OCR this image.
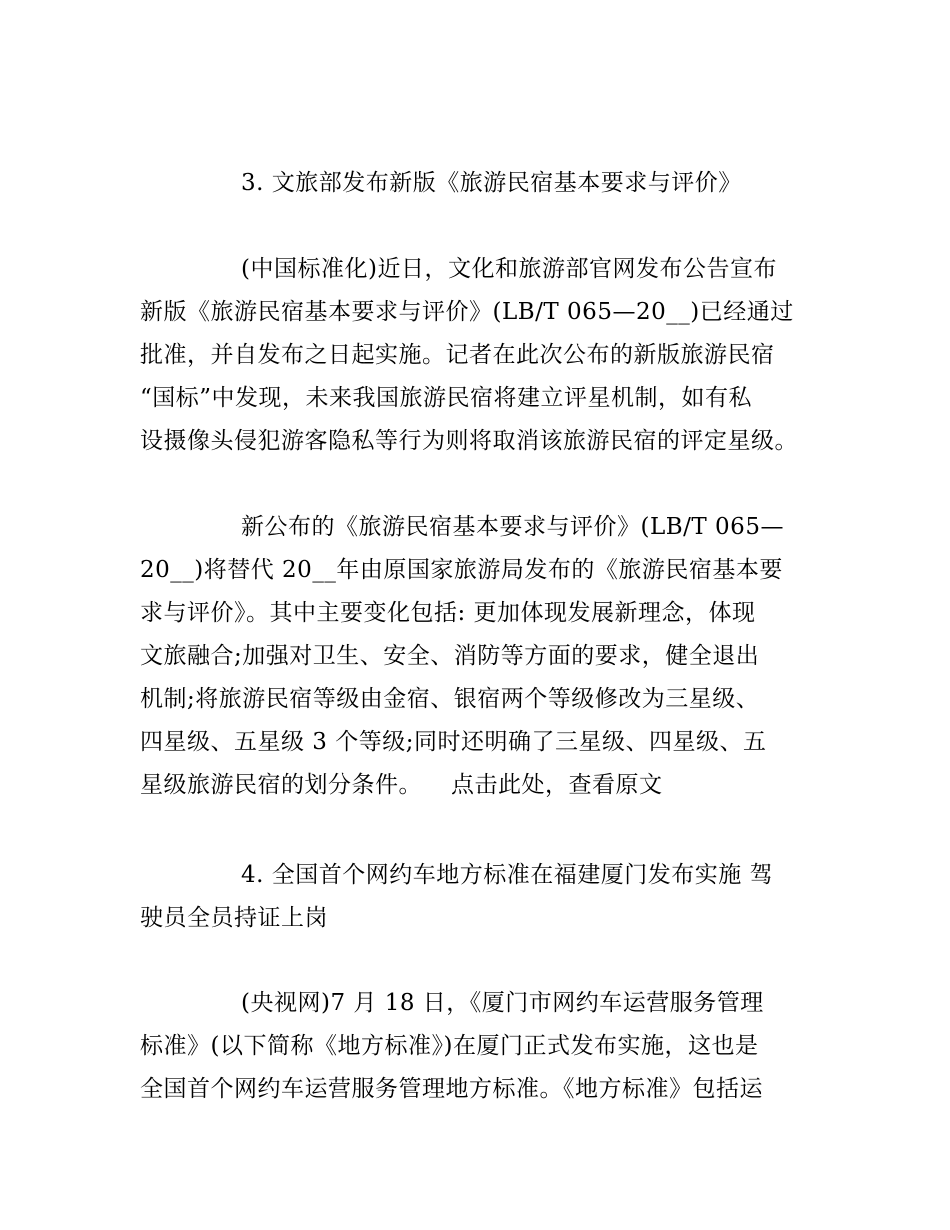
3. 文旅部发布新版《旅游民宿基本要求与评价》
(中国标准化)近日，文化和旅游部官网发布公告宣布
新版《旅游民宿基本要求与评价》(LB/T 065—20__)已经通过
批准，并自发布之日起实施。记者在此次公布的新版旅游民宿
“国标”中发现，未来我国旅游民宿将建立评星机制，如有私
设摄像头侵犯游客隐私等行为则将取消该旅游民宿的评定星级。
新公布的《旅游民宿基本要求与评价》(LB/T 065—
20__)将替代 20__年由原国家旅游局发布的《旅游民宿基本要
求与评价》。其中主要变化包括: 更加体现发展新理念，体现
文旅融合;加强对卫生、安全、消防等方面的要求，健全退出
机制;将旅游民宿等级由金宿、银宿两个等级修改为三星级、
四星级、五星级 3 个等级;同时还明确了三星级、四星级、五
星级旅游民宿的划分条件。 点击此处，查看原文
4. 全国首个网约车地方标准在福建厦门发布实施 驾
驶员全员持证上岗
(央视网)7 月 18 日，《厦门市网约车运营服务管理
标准》(以下简称《地方标准》)在厦门正式发布实施，这也是
全国首个网约车运营服务管理地方标准。《地方标准》包括运
